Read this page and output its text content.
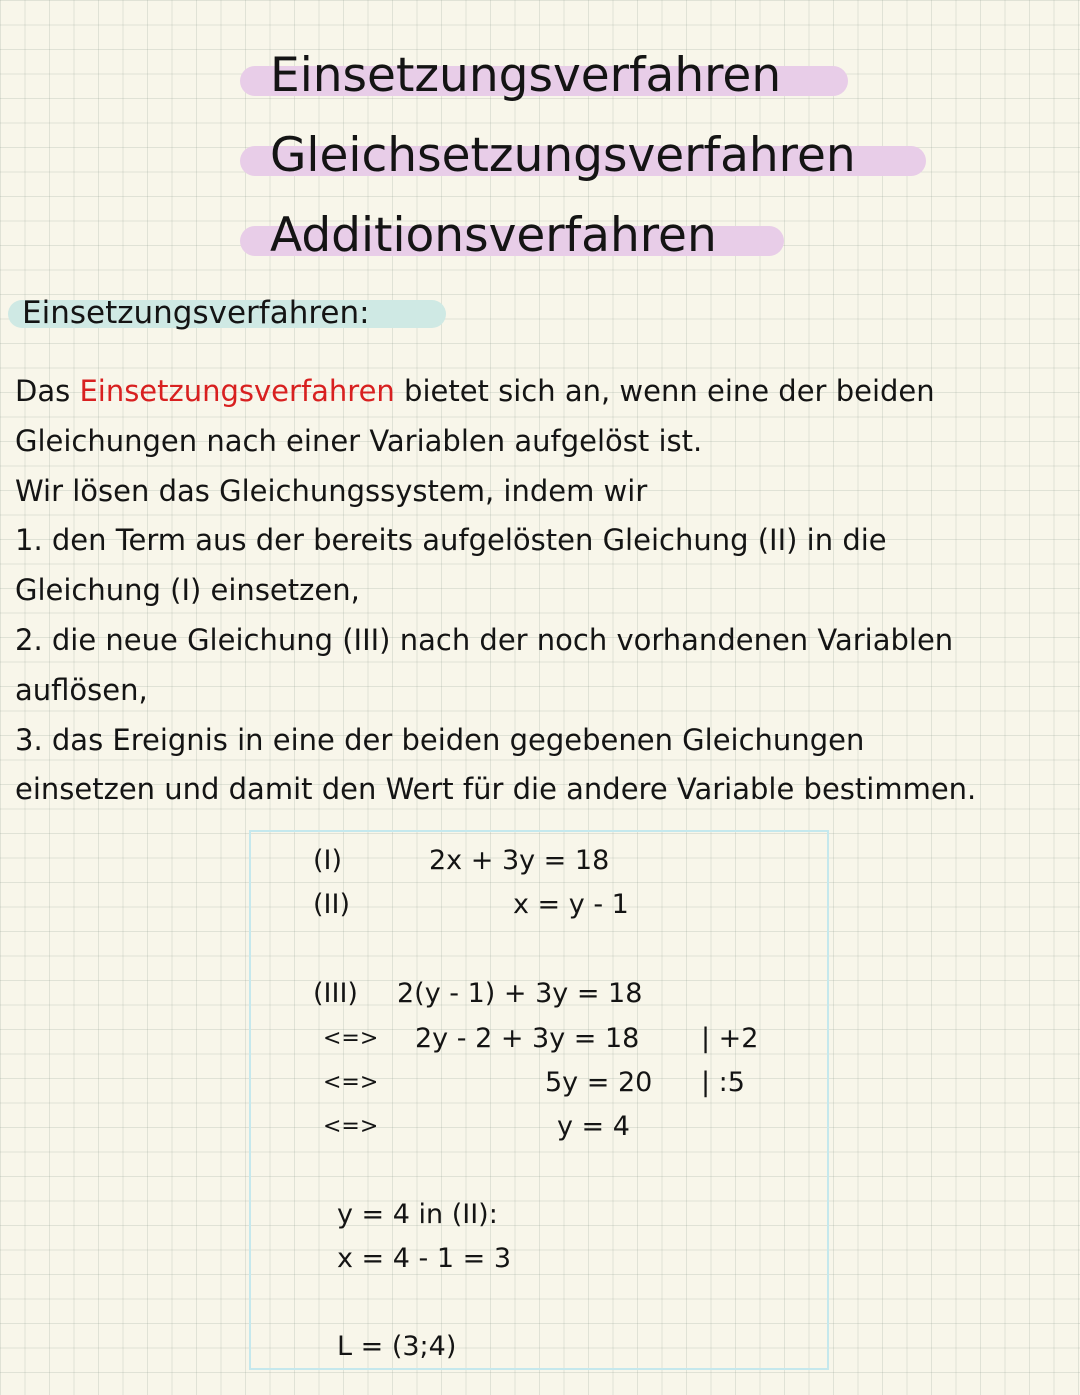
Einsetzungsverfahren
Gleichsetzungsverfahren
Additionsverfahren
Einsetzungsverfahren:
Das Einsetzungsverfahren bietet sich an, wenn eine der beiden
Gleichungen nach einer Variablen aufgelöst ist.
Wir lösen das Gleichungssystem, indem wir
1. den Term aus der bereits aufgelösten Gleichung (II) in die
Gleichung (I) einsetzen,
2. die neue Gleichung (III) nach der noch vorhandenen Variablen
auflösen,
3. das Ereignis in eine der beiden gegebenen Gleichungen
einsetzen und damit den Wert für die andere Variable bestimmen.
(I)	2x + 3y = 18
(II)	x = y - 1
(III) 2(y - 1) + 3y = 18
<=> 2y - 2 + 3y = 18 | +2
<=>	5y = 20 | :5
<=>	y = 4
y = 4 in (II):
x = 4 - 1 = 3
L = (3;4)
